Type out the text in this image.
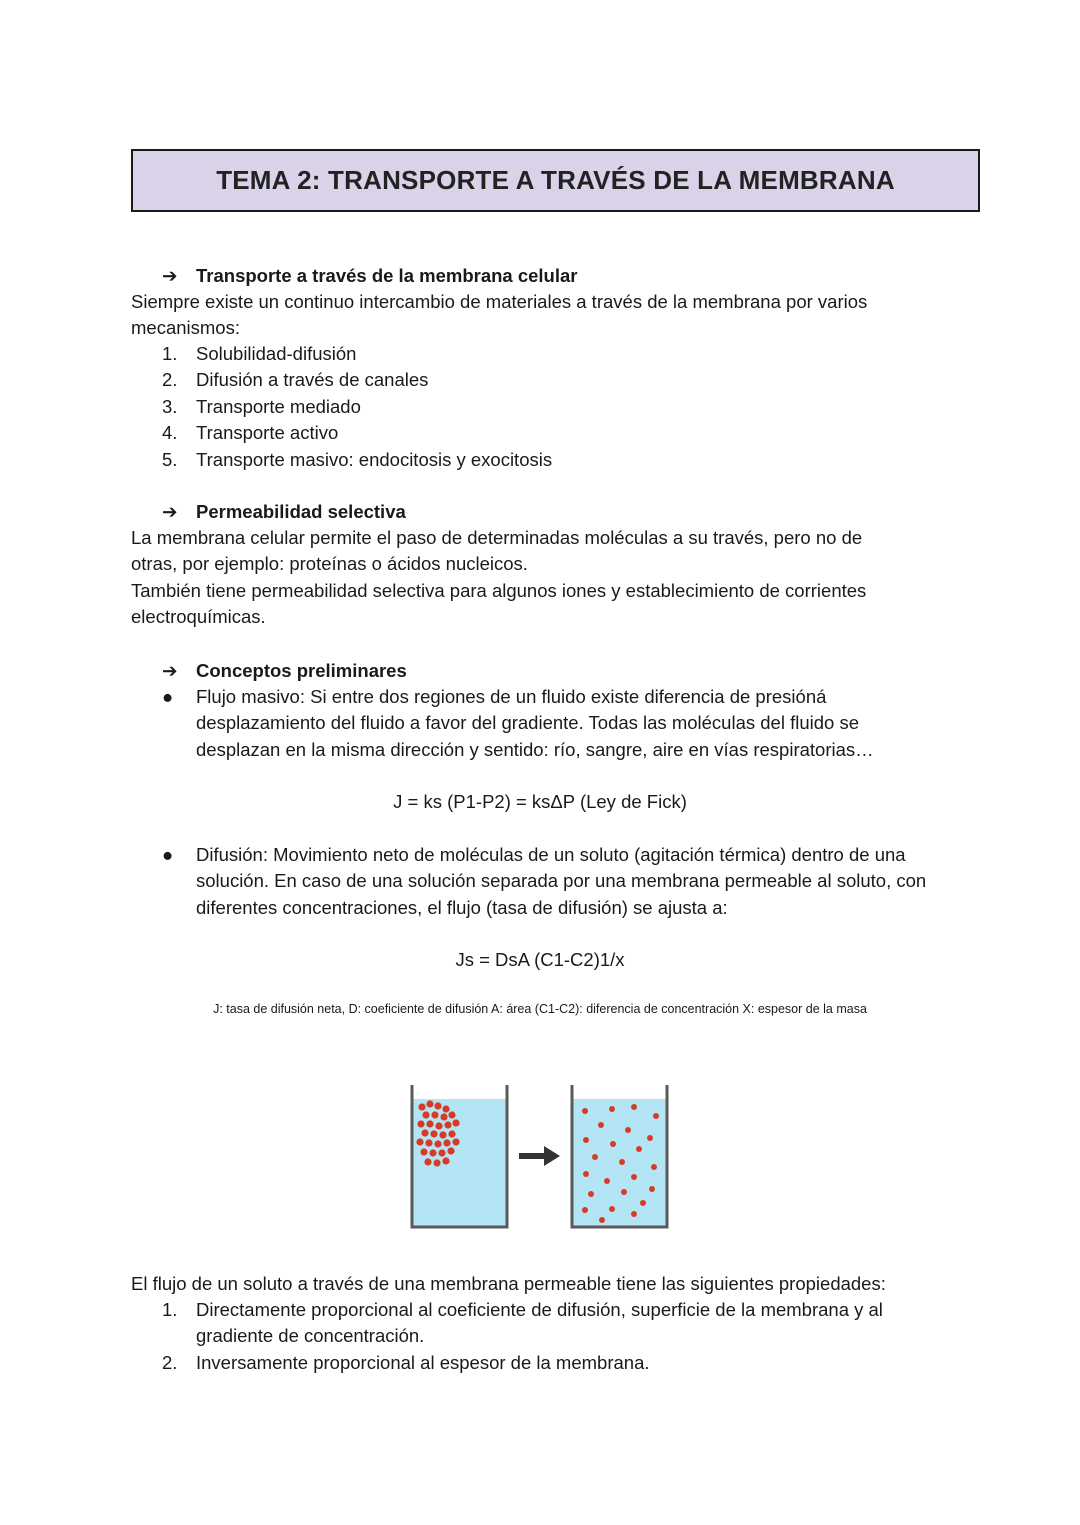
TEMA 2: TRANSPORTE A TRAVÉS DE LA MEMBRANA
➔ Transporte a través de la membrana celular
Siempre existe un continuo intercambio de materiales a través de la membrana por varios mecanismos:
1.	Solubilidad-difusión
2.	Difusión a través de canales
3.	Transporte mediado
4.	Transporte activo
5.	Transporte masivo: endocitosis y exocitosis
➔ Permeabilidad selectiva
La membrana celular permite el paso de determinadas moléculas a su través, pero no de otras, por ejemplo: proteínas o ácidos nucleicos.
También tiene permeabilidad selectiva para algunos iones y establecimiento de corrientes electroquímicas.
➔ Conceptos preliminares
●	Flujo masivo: Si entre dos regiones de un fluido existe diferencia de presióná desplazamiento del fluido a favor del gradiente. Todas las moléculas del fluido se desplazan en la misma dirección y sentido: río, sangre, aire en vías respiratorias…
J = ks (P1-P2) = ksΔP (Ley de Fick)
●	Difusión: Movimiento neto de moléculas de un soluto (agitación térmica) dentro de una solución. En caso de una solución separada por una membrana permeable al soluto, con diferentes concentraciones, el flujo (tasa de difusión) se ajusta a:
Js = DsA (C1-C2)1/x
J: tasa de difusión neta, D: coeficiente de difusión A: área (C1-C2): diferencia de concentración X: espesor de la masa
El flujo de un soluto a través de una membrana permeable tiene las siguientes propiedades:
1.	Directamente proporcional al coeficiente de difusión, superficie de la membrana y al gradiente de concentración.
2.	Inversamente proporcional al espesor de la membrana.
